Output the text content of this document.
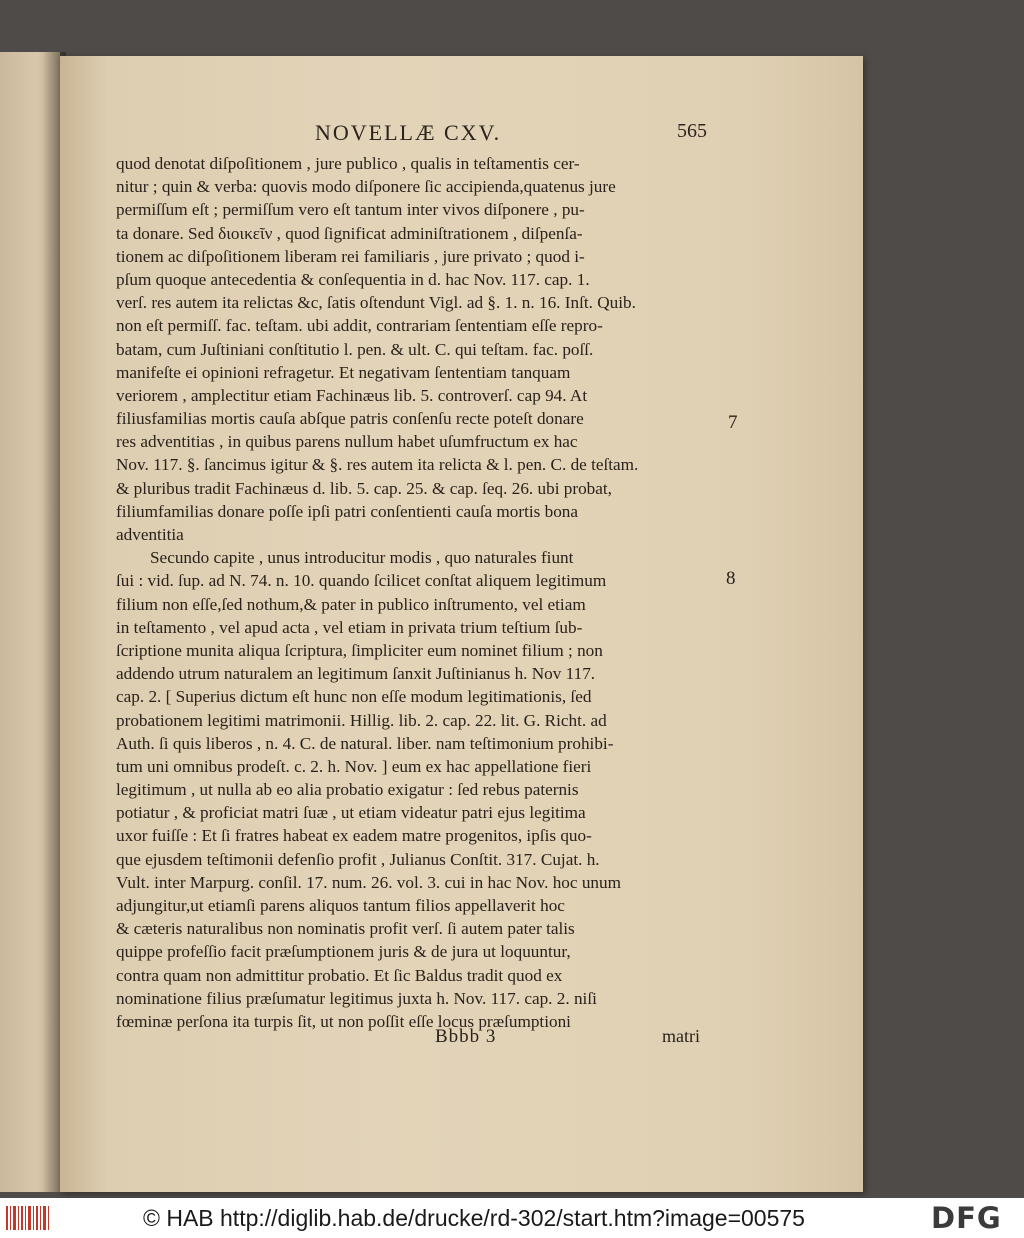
NOVELLÆ CXV.	565
quod denotat diſpoſitionem , jure publico , qualis in teſtamentis cer-
nitur ; quin & verba: quovis modo diſponere ſic accipienda,quatenus jure
permiſſum eſt ; permiſſum vero eſt tantum inter vivos diſponere , pu-
ta donare. Sed διοικεῖν , quod ſignificat adminiſtrationem , diſpenſa-
tionem ac diſpoſitionem liberam rei familiaris , jure privato ; quod i-
pſum quoque antecedentia & conſequentia in d. hac Nov. 117. cap. 1.
verſ. res autem ita relictas &c, ſatis oſtendunt Vigl. ad §. 1. n. 16. Inſt. Quib.
non eſt permiſſ. fac. teſtam. ubi addit, contrariam ſententiam eſſe repro-
batam, cum Juſtiniani conſtitutio l. pen. & ult. C. qui teſtam. fac. poſſ.
manifeſte ei opinioni refragetur. Et negativam ſententiam tanquam
veriorem , amplectitur etiam Fachinæus lib. 5. controverſ. cap 94. At
filiusfamilias mortis cauſa abſque patris conſenſu recte poteſt donare
res adventitias , in quibus parens nullum habet uſumfructum ex hac
Nov. 117. §. ſancimus igitur & §. res autem ita relicta & l. pen. C. de teſtam.
& pluribus tradit Fachinæus d. lib. 5. cap. 25. & cap. ſeq. 26. ubi probat,
filiumfamilias donare poſſe ipſi patri conſentienti cauſa mortis bona
adventitia
Secundo capite , unus introducitur modis , quo naturales fiunt
ſui : vid. ſup. ad N. 74. n. 10. quando ſcilicet conſtat aliquem legitimum
filium non eſſe,ſed nothum,& pater in publico inſtrumento, vel etiam
in teſtamento , vel apud acta , vel etiam in privata trium teſtium ſub-
ſcriptione munita aliqua ſcriptura, ſimpliciter eum nominet filium ; non
addendo utrum naturalem an legitimum ſanxit Juſtinianus h. Nov 117.
cap. 2. [ Superius dictum eſt hunc non eſſe modum legitimationis, ſed
probationem legitimi matrimonii. Hillig. lib. 2. cap. 22. lit. G. Richt. ad
Auth. ſi quis liberos , n. 4. C. de natural. liber. nam teſtimonium prohibi-
tum uni omnibus prodeſt. c. 2. h. Nov. ] eum ex hac appellatione fieri
legitimum , ut nulla ab eo alia probatio exigatur : ſed rebus paternis
potiatur , & proficiat matri ſuæ , ut etiam videatur patri ejus legitima
uxor fuiſſe : Et ſi fratres habeat ex eadem matre progenitos, ipſis quo-
que ejusdem teſtimonii defenſio profit , Julianus Conſtit. 317. Cujat. h.
Vult. inter Marpurg. conſil. 17. num. 26. vol. 3. cui in hac Nov. hoc unum
adjungitur,ut etiamſi parens aliquos tantum filios appellaverit hoc
& cæteris naturalibus non nominatis profit verſ. ſi autem pater talis
quippe profeſſio facit præſumptionem juris & de jura ut loquuntur,
contra quam non admittitur probatio. Et ſic Baldus tradit quod ex
nominatione filius præſumatur legitimus juxta h. Nov. 117. cap. 2. niſi
fœminæ perſona ita turpis ſit, ut non poſſit eſſe locus præſumptioni
7
8
Bbbb 3	matri
© HAB http://diglib.hab.de/drucke/rd-302/start.htm?image=00575	DFG
